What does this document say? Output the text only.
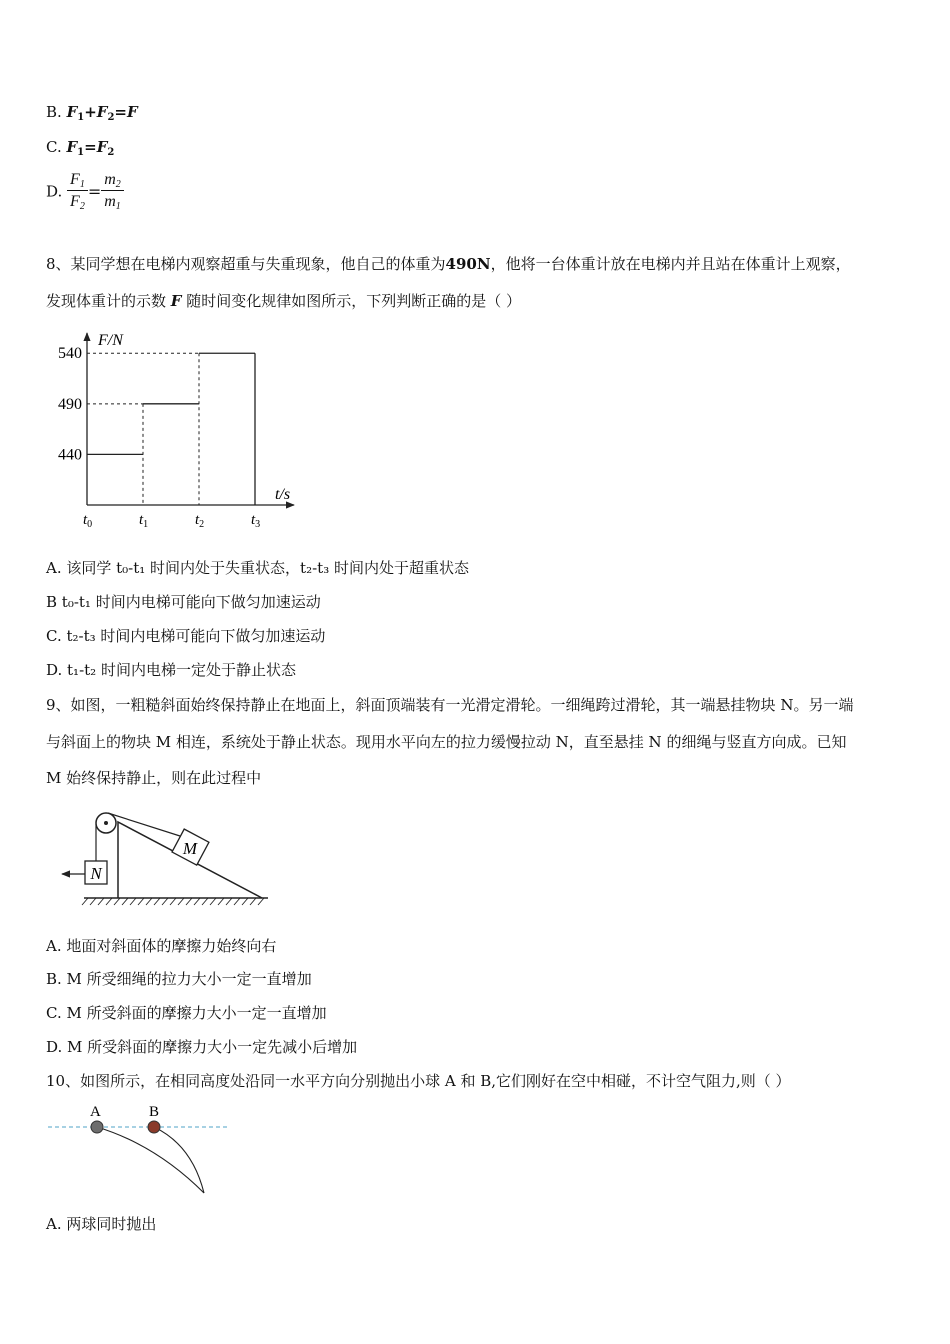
B. $F_1+F_2=F$
C. $F_1=F_2$
D. $\frac{F_1}{F_2} = \frac{m_2}{m_1}$
8、某同学想在电梯内观察超重与失重现象，他自己的体重为490N，他将一台体重计放在电梯内并且站在体重计上观察，
发现体重计的示数 F 随时间变化规律如图所示，下列判断正确的是（ ）
F/N
t/s
440
490
540
$t_0$	$t_1$	$t_2$	$t_3$
A. 该同学 t₀-t₁ 时间内处于失重状态，t₂-t₃ 时间内处于超重状态
B t₀-t₁ 时间内电梯可能向下做匀加速运动
C. t₂-t₃ 时间内电梯可能向下做匀加速运动
D. t₁-t₂ 时间内电梯一定处于静止状态
9、如图，一粗糙斜面始终保持静止在地面上，斜面顶端装有一光滑定滑轮。一细绳跨过滑轮，其一端悬挂物块 N。另一端
与斜面上的物块 M 相连，系统处于静止状态。现用水平向左的拉力缓慢拉动 N，直至悬挂 N 的细绳与竖直方向成。已知
M 始终保持静止，则在此过程中
M
N
A. 地面对斜面体的摩擦力始终向右
B. M 所受细绳的拉力大小一定一直增加
C. M 所受斜面的摩擦力大小一定一直增加
D. M 所受斜面的摩擦力大小一定先减小后增加
10、如图所示，在相同高度处沿同一水平方向分别抛出小球 A 和 B,它们刚好在空中相碰，不计空气阻力,则（ ）
A	B
A. 两球同时抛出
